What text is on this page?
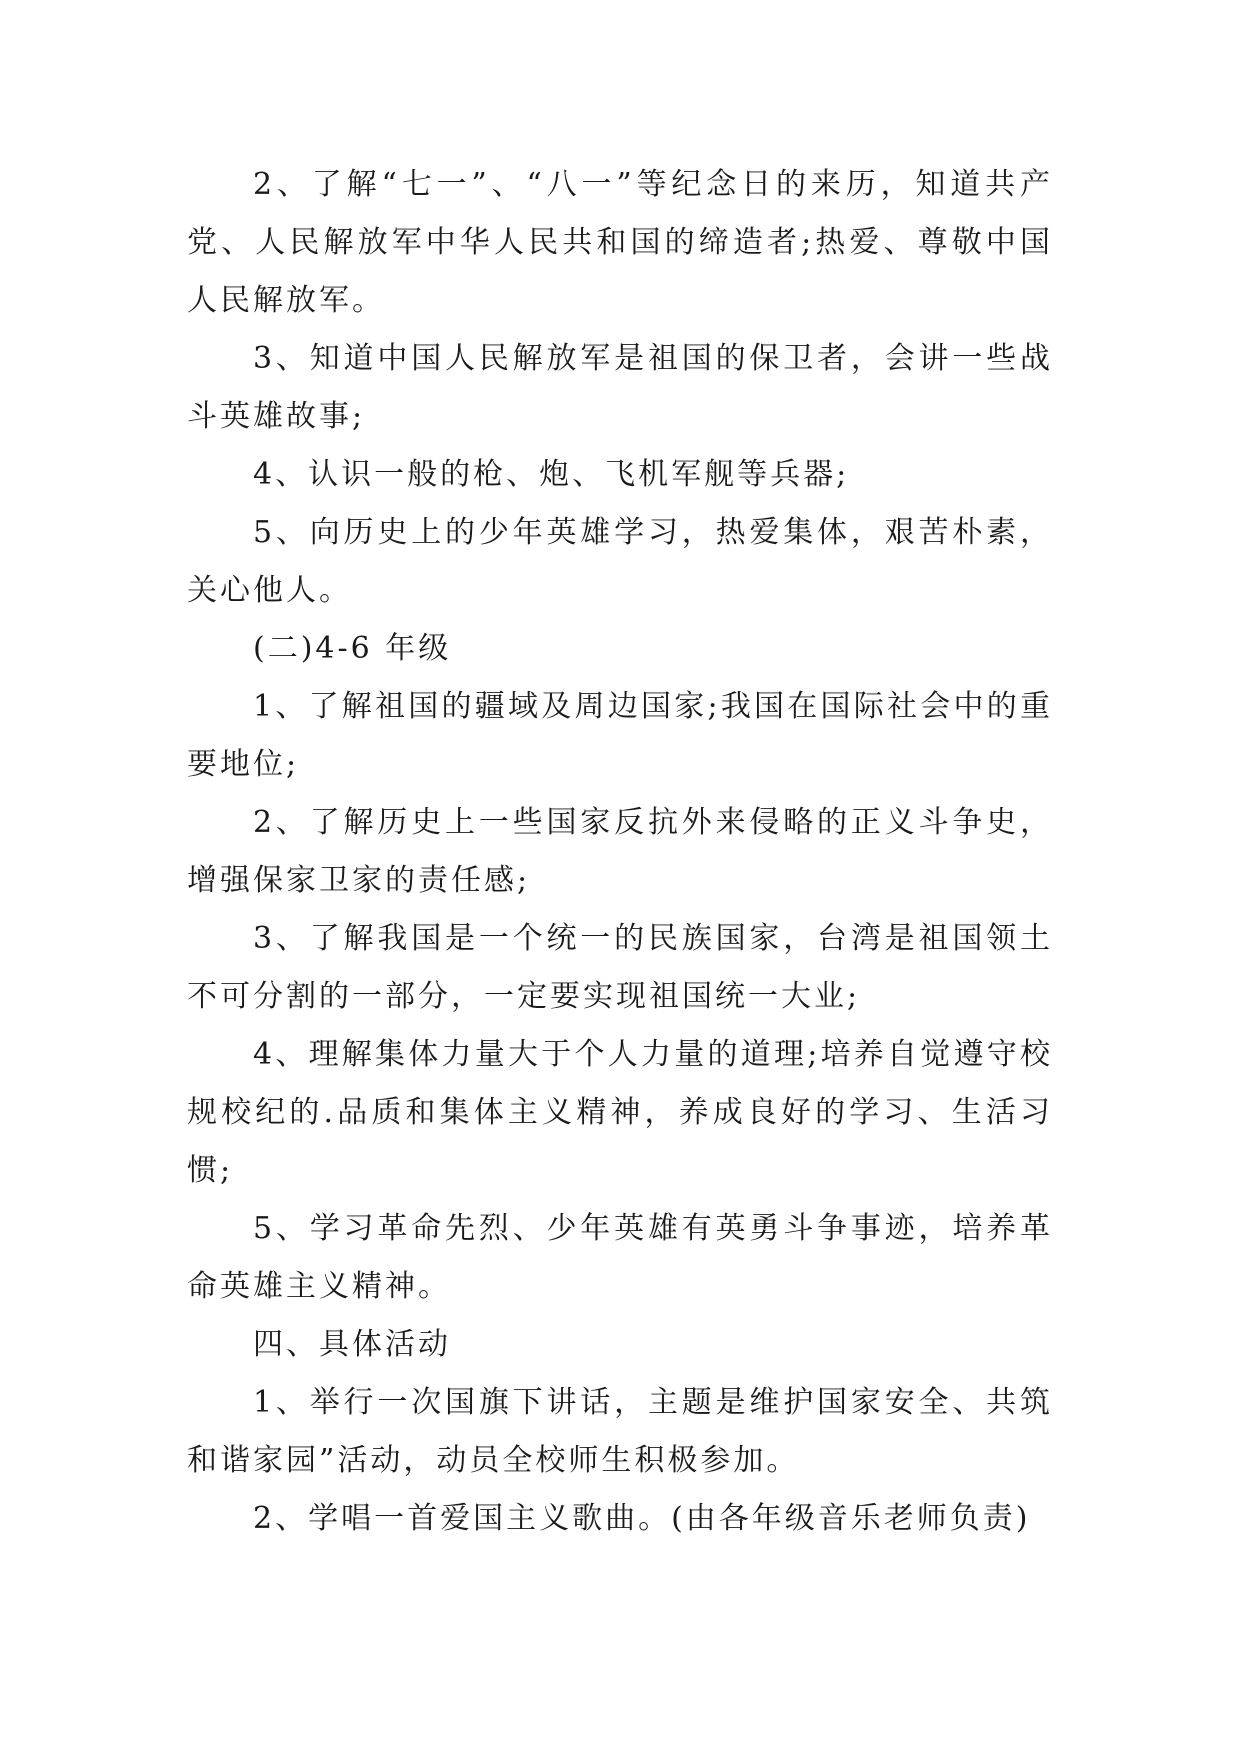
2、了解“七一”、“八一”等纪念日的来历，知道共产党、人民解放军中华人民共和国的缔造者;热爱、尊敬中国人民解放军。

3、知道中国人民解放军是祖国的保卫者，会讲一些战斗英雄故事;

4、认识一般的枪、炮、飞机军舰等兵器;

5、向历史上的少年英雄学习，热爱集体，艰苦朴素，关心他人。

(二)4-6 年级

1、了解祖国的疆域及周边国家;我国在国际社会中的重要地位;

2、了解历史上一些国家反抗外来侵略的正义斗争史，增强保家卫家的责任感;

3、了解我国是一个统一的民族国家，台湾是祖国领土不可分割的一部分，一定要实现祖国统一大业;

4、理解集体力量大于个人力量的道理;培养自觉遵守校规校纪的.品质和集体主义精神，养成良好的学习、生活习惯;

5、学习革命先烈、少年英雄有英勇斗争事迹，培养革命英雄主义精神。

四、具体活动

1、举行一次国旗下讲话，主题是维护国家安全、共筑和谐家园”活动，动员全校师生积极参加。

2、学唱一首爱国主义歌曲。(由各年级音乐老师负责)
